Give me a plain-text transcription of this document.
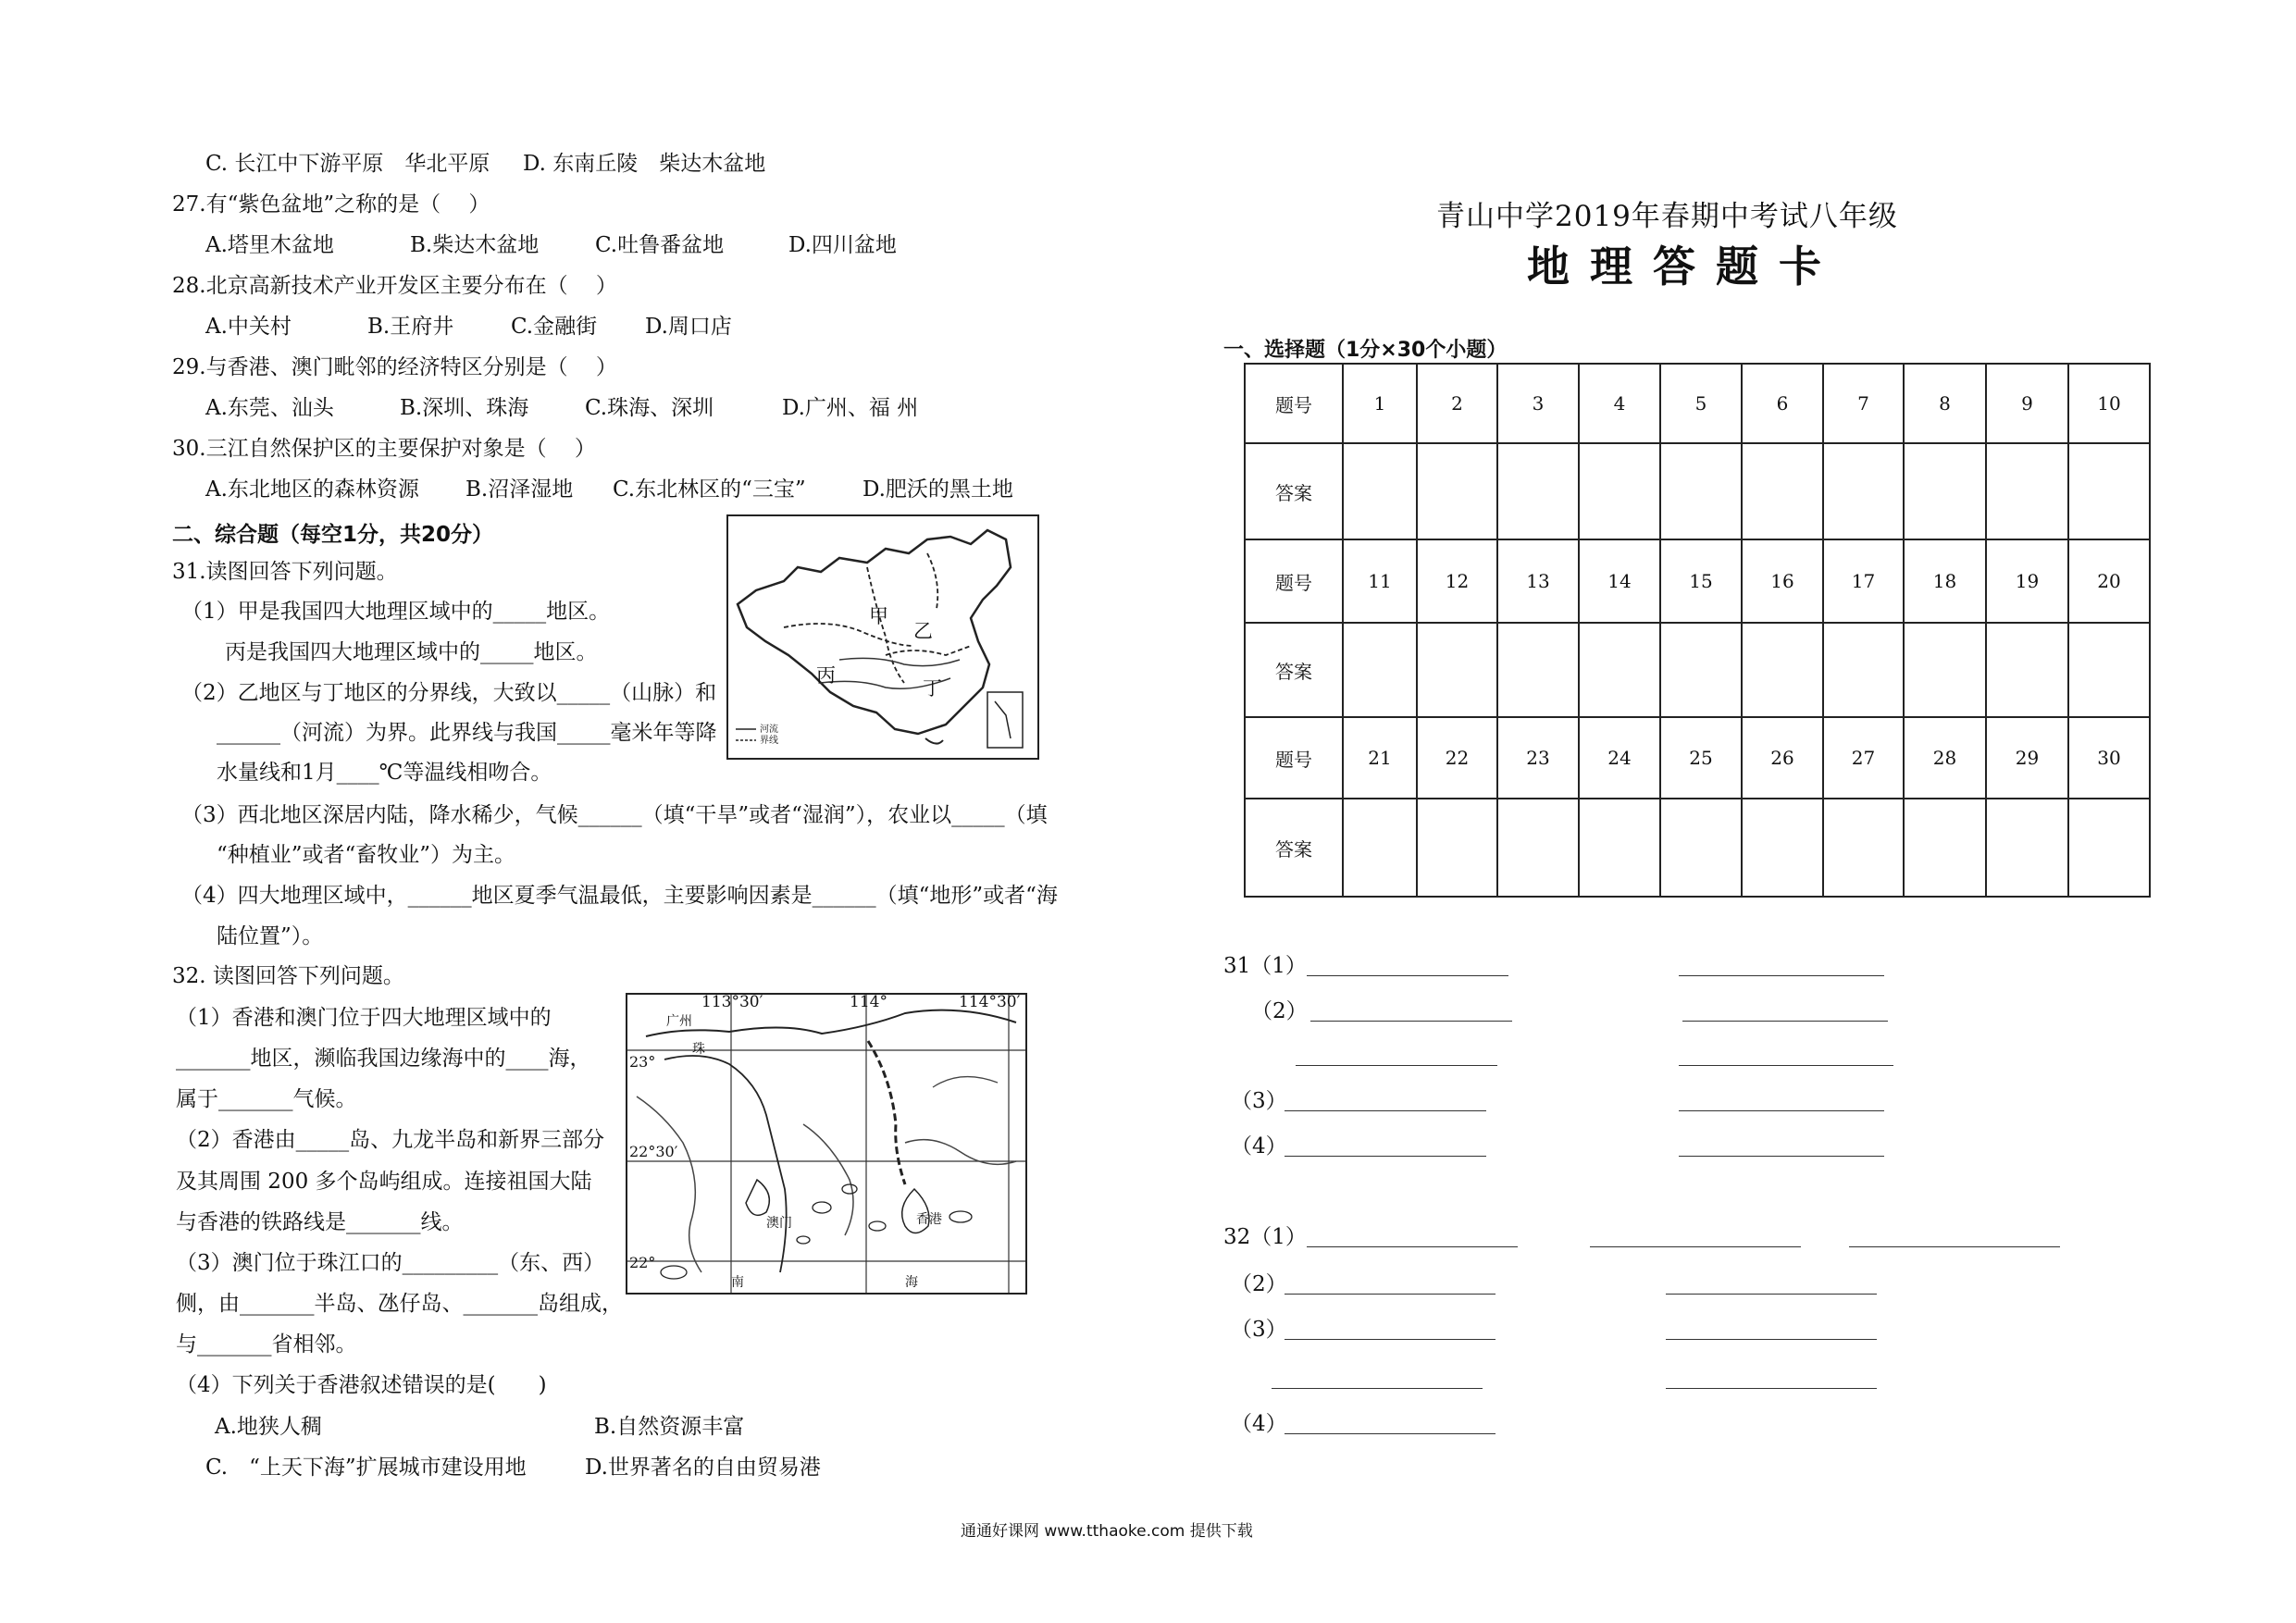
C. 长江中下游平原　华北平原 D. 东南丘陵　柴达木盆地
27.有“紫色盆地”之称的是（　 ）
A.塔里木盆地	B.柴达木盆地	C.吐鲁番盆地	D.四川盆地
28.北京高新技术产业开发区主要分布在（　 ）
A.中关村	B.王府井	C.金融街 D.周口店
29.与香港、澳门毗邻的经济特区分别是（　 ）
A.东莞、汕头	B.深圳、珠海	C.珠海、深圳	D.广州、福 州
30.三江自然保护区的主要保护对象是（　 ）
A.东北地区的森林资源 B.沼泽湿地 C.东北林区的“三宝”	D.肥沃的黑土地
二、综合题（每空1分，共20分）
31.读图回答下列问题。
（1）甲是我国四大地理区域中的_____地区。
丙是我国四大地理区域中的_____地区。
（2）乙地区与丁地区的分界线，大致以_____（山脉）和
______（河流）为界。此界线与我国_____毫米年等降
水量线和1月____℃等温线相吻合。
（3）西北地区深居内陆，降水稀少，气候______（填“干旱”或者“湿润”），农业以_____（填
“种植业”或者“畜牧业”）为主。
（4）四大地理区域中，______地区夏季气温最低，主要影响因素是______（填“地形”或者“海
陆位置”）。
甲
乙
丙
丁
河流
界线
32. 读图回答下列问题。
（1）香港和澳门位于四大地理区域中的
_______地区，濒临我国边缘海中的____海，
属于_______气候。
（2）香港由_____岛、九龙半岛和新界三部分
及其周围 200 多个岛屿组成。连接祖国大陆
与香港的铁路线是_______线。
（3）澳门位于珠江口的_________（东、西）
侧，由_______半岛、氹仔岛、_______岛组成，
与_______省相邻。
（4）下列关于香港叙述错误的是(　　)
A.地狭人稠	B.自然资源丰富
C.　“上天下海”扩展城市建设用地	D.世界著名的自由贸易港
113°30′	114°	114°30′
23°
22°30′
22°
广州
珠
澳门	香港
南	海
青山中学2019年春期中考试八年级
地理答题卡
一、选择题（1分×30个小题）
题号	1	2	3	4	5	6	7	8	9	10
答案										
题号	11	12	13	14	15	16	17	18	19	20
答案										
题号	21	22	23	24	25	26	27	28	29	30
答案										
31（1）
（2）
（3）
（4）
32（1）
（2）
（3）
（4）
通通好课网 www.tthaoke.com 提供下载
